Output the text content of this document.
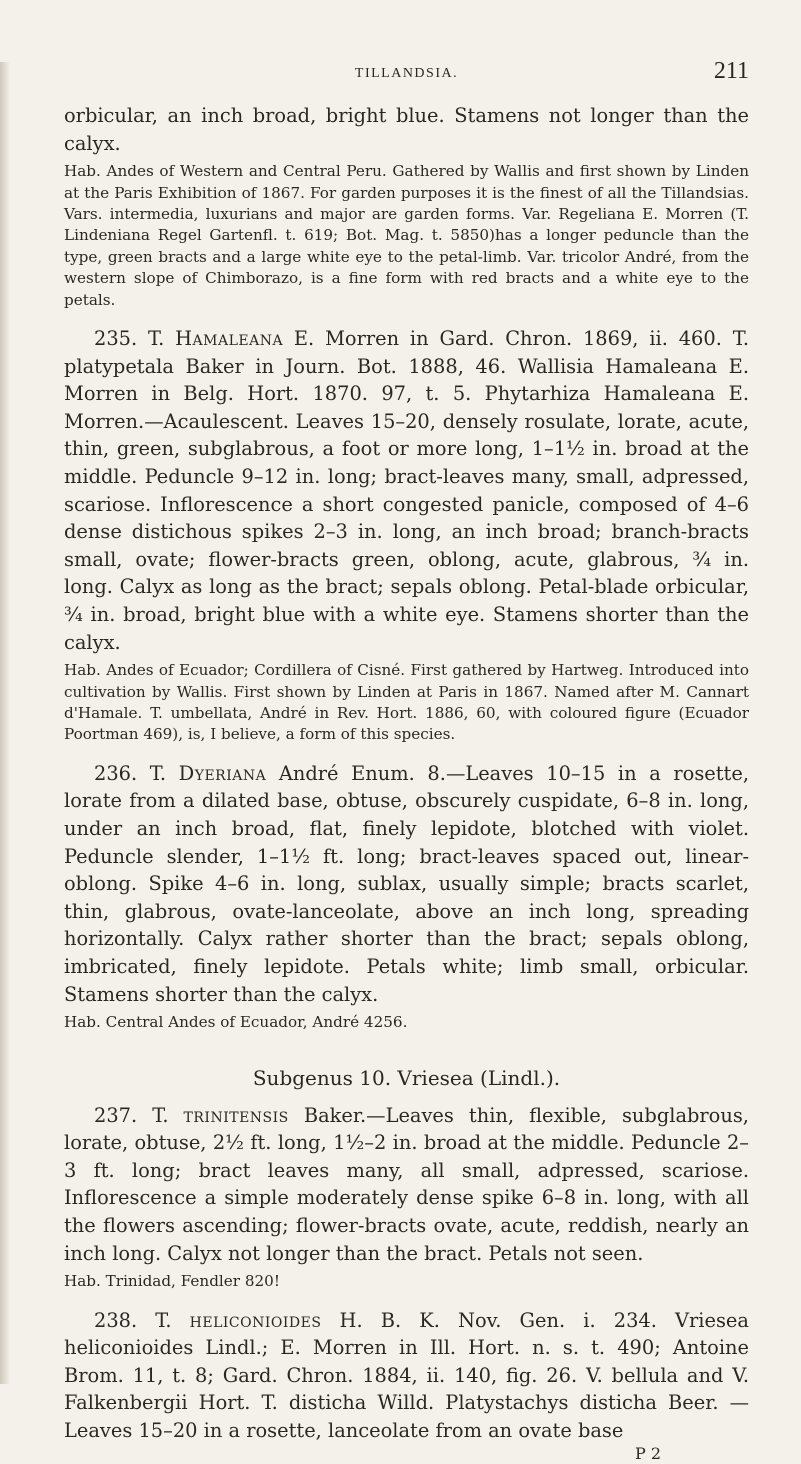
TILLANDSIA.	211

orbicular, an inch broad, bright blue. Stamens not longer than the calyx.

Hab. Andes of Western and Central Peru. Gathered by Wallis and first shown by Linden at the Paris Exhibition of 1867. For garden purposes it is the finest of all the Tillandsias. Vars. intermedia, luxurians and major are garden forms. Var. Regeliana E. Morren (T. Lindeniana Regel Gartenfl. t. 619; Bot. Mag. t. 5850)has a longer peduncle than the type, green bracts and a large white eye to the petal-limb. Var. tricolor André, from the western slope of Chimborazo, is a fine form with red bracts and a white eye to the petals.

235. T. Hamaleana E. Morren in Gard. Chron. 1869, ii. 460. T. platypetala Baker in Journ. Bot. 1888, 46. Wallisia Hamaleana E. Morren in Belg. Hort. 1870. 97, t. 5. Phytarhiza Hamaleana E. Morren.—Acaulescent. Leaves 15–20, densely rosulate, lorate, acute, thin, green, subglabrous, a foot or more long, 1–1½ in. broad at the middle. Peduncle 9–12 in. long; bract-leaves many, small, adpressed, scariose. Inflorescence a short congested panicle, composed of 4–6 dense distichous spikes 2–3 in. long, an inch broad; branch-bracts small, ovate; flower-bracts green, oblong, acute, glabrous, ¾ in. long. Calyx as long as the bract; sepals oblong. Petal-blade orbicular, ¾ in. broad, bright blue with a white eye. Stamens shorter than the calyx.

Hab. Andes of Ecuador; Cordillera of Cisné. First gathered by Hartweg. Introduced into cultivation by Wallis. First shown by Linden at Paris in 1867. Named after M. Cannart d'Hamale. T. umbellata, André in Rev. Hort. 1886, 60, with coloured figure (Ecuador Poortman 469), is, I believe, a form of this species.

236. T. Dyeriana André Enum. 8.—Leaves 10–15 in a rosette, lorate from a dilated base, obtuse, obscurely cuspidate, 6–8 in. long, under an inch broad, flat, finely lepidote, blotched with violet. Peduncle slender, 1–1½ ft. long; bract-leaves spaced out, linear-oblong. Spike 4–6 in. long, sublax, usually simple; bracts scarlet, thin, glabrous, ovate-lanceolate, above an inch long, spreading horizontally. Calyx rather shorter than the bract; sepals oblong, imbricated, finely lepidote. Petals white; limb small, orbicular. Stamens shorter than the calyx.

Hab. Central Andes of Ecuador, André 4256.

Subgenus 10. Vriesea (Lindl.).

237. T. trinitensis Baker.—Leaves thin, flexible, subglabrous, lorate, obtuse, 2½ ft. long, 1½–2 in. broad at the middle. Peduncle 2–3 ft. long; bract leaves many, all small, adpressed, scariose. Inflorescence a simple moderately dense spike 6–8 in. long, with all the flowers ascending; flower-bracts ovate, acute, reddish, nearly an inch long. Calyx not longer than the bract. Petals not seen.

Hab. Trinidad, Fendler 820!

238. T. heliconioides H. B. K. Nov. Gen. i. 234. Vriesea heliconioides Lindl.; E. Morren in Ill. Hort. n. s. t. 490; Antoine Brom. 11, t. 8; Gard. Chron. 1884, ii. 140, fig. 26. V. bellula and V. Falkenbergii Hort. T. disticha Willd. Platystachys disticha Beer. — Leaves 15–20 in a rosette, lanceolate from an ovate base

P 2
